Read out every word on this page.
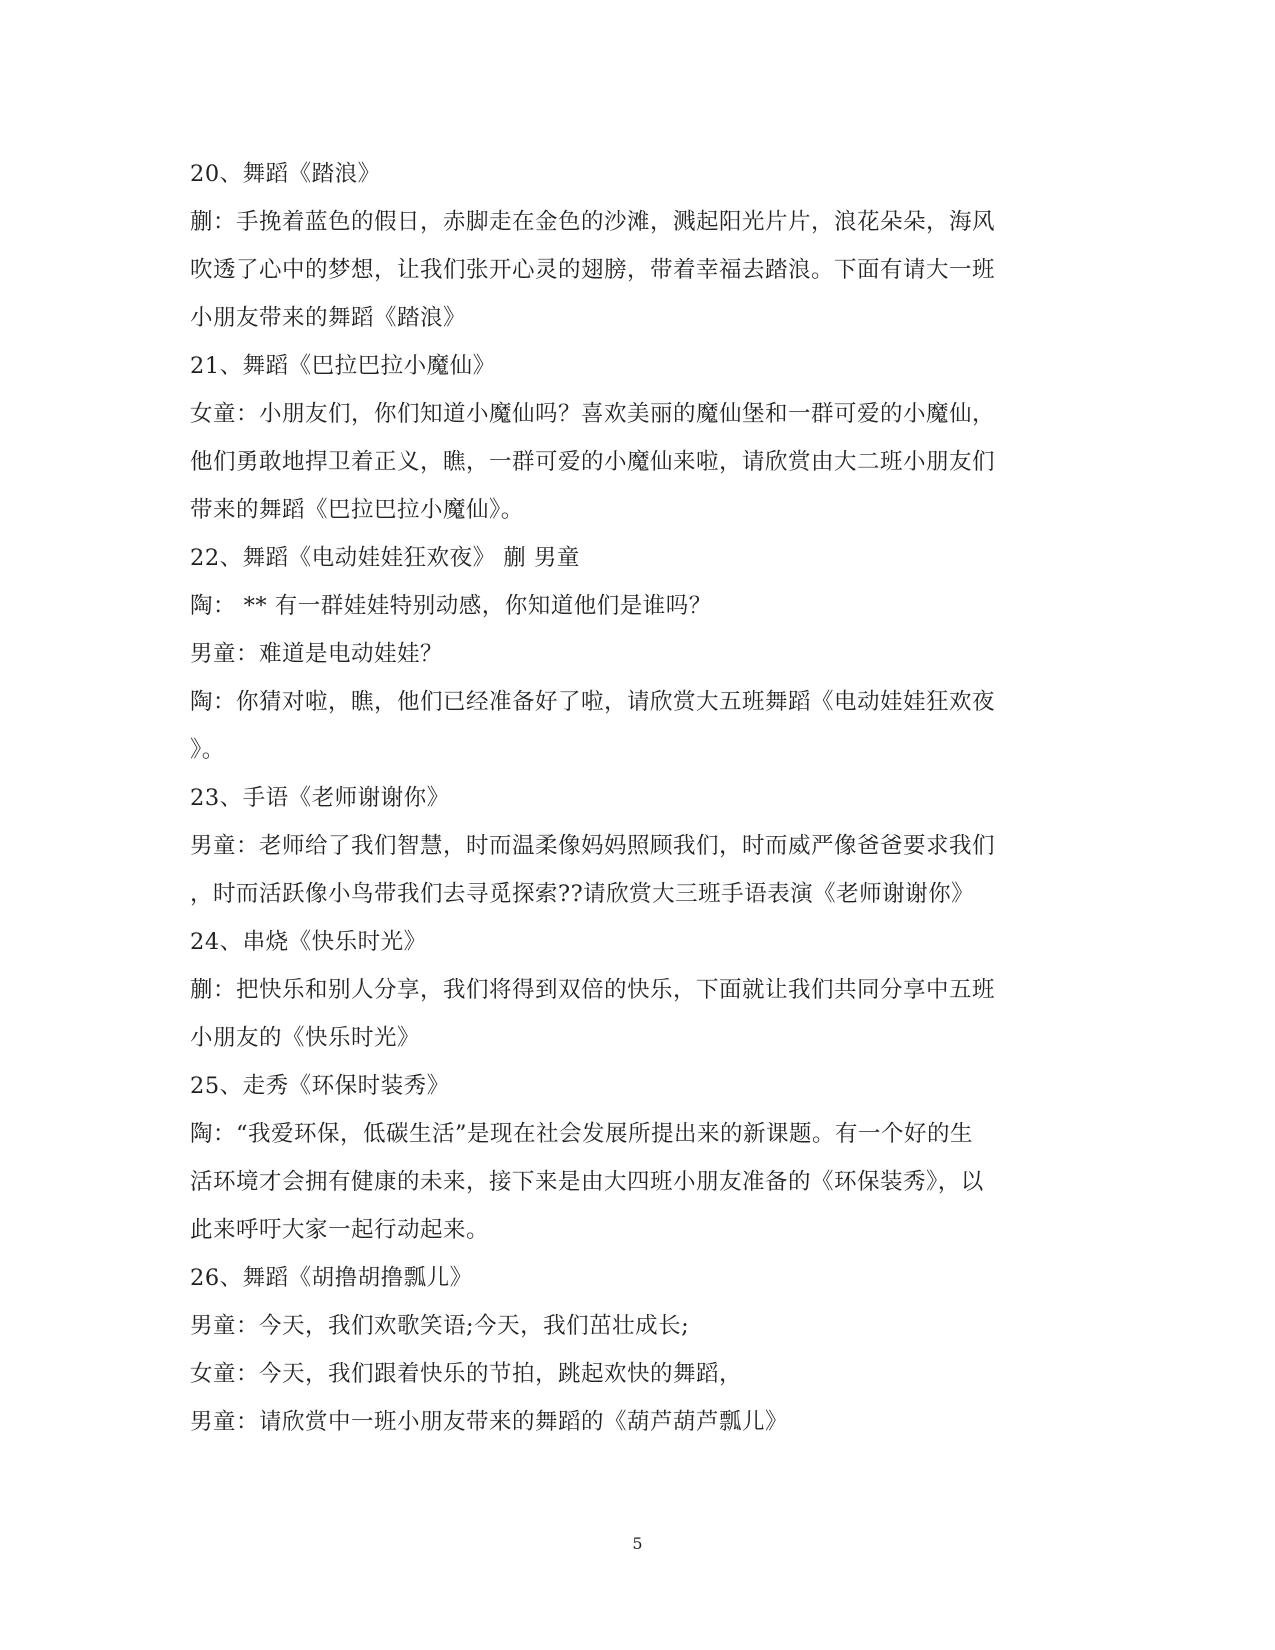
20、舞蹈《踏浪》
蒯：手挽着蓝色的假日，赤脚走在金色的沙滩，溅起阳光片片，浪花朵朵，海风
吹透了心中的梦想，让我们张开心灵的翅膀，带着幸福去踏浪。下面有请大一班
小朋友带来的舞蹈《踏浪》
21、舞蹈《巴拉巴拉小魔仙》
女童：小朋友们，你们知道小魔仙吗？喜欢美丽的魔仙堡和一群可爱的小魔仙，
他们勇敢地捍卫着正义，瞧，一群可爱的小魔仙来啦，请欣赏由大二班小朋友们
带来的舞蹈《巴拉巴拉小魔仙》。
22、舞蹈《电动娃娃狂欢夜》 蒯 男童
陶： ** 有一群娃娃特别动感，你知道他们是谁吗？
男童：难道是电动娃娃？
陶：你猜对啦，瞧，他们已经准备好了啦，请欣赏大五班舞蹈《电动娃娃狂欢夜
》。
23、手语《老师谢谢你》
男童：老师给了我们智慧，时而温柔像妈妈照顾我们，时而威严像爸爸要求我们
，时而活跃像小鸟带我们去寻觅探索??请欣赏大三班手语表演《老师谢谢你》
24、串烧《快乐时光》
蒯：把快乐和别人分享，我们将得到双倍的快乐，下面就让我们共同分享中五班
小朋友的《快乐时光》
25、走秀《环保时装秀》
陶：“我爱环保，低碳生活”是现在社会发展所提出来的新课题。有一个好的生
活环境才会拥有健康的未来，接下来是由大四班小朋友准备的《环保装秀》，以
此来呼吁大家一起行动起来。
26、舞蹈《胡撸胡撸瓢儿》
男童：今天，我们欢歌笑语;今天，我们茁壮成长;
女童：今天，我们跟着快乐的节拍，跳起欢快的舞蹈，
男童：请欣赏中一班小朋友带来的舞蹈的《葫芦葫芦瓢儿》
5
